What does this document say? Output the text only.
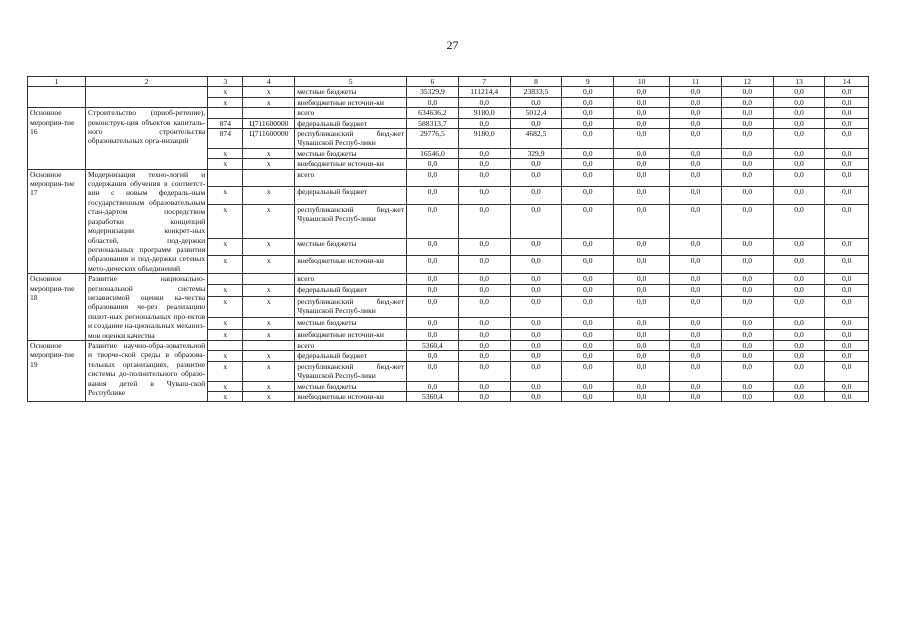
27
1	2	3	4	5	6	7	8	9	10	11	12	13	14
		х	х	местные бюджеты	35329,9	111214,4	23833,5	0,0	0,0	0,0	0,0	0,0	0,0
		х	х	внебюджетные источни-ки	0,0	0,0	0,0	0,0	0,0	0,0	0,0	0,0	0,0
Основное мероприя-тие 16	Строительство (приоб-ретение), реконструк-ция объектов капиталь-ного строительства образовательных орга-низаций			всего	634636,2	9180,0	5012,4	0,0	0,0	0,0	0,0	0,0	0,0
		874	Ц711600000	федеральный бюджет	588313,7	0,0	0,0	0,0	0,0	0,0	0,0	0,0	0,0
		874	Ц711600000	республиканский бюд-жет Чувашской Респуб-лики	29776,5	9180,0	4682,5	0,0	0,0	0,0	0,0	0,0	0,0
		х	х	местные бюджеты	16546,0	0,0	329,9	0,0	0,0	0,0	0,0	0,0	0,0
		х	х	внебюджетные источни-ки	0,0	0,0	0,0	0,0	0,0	0,0	0,0	0,0	0,0
Основное мероприя-тие 17	Модернизация техно-логий и содержания обучения в соответст-вии с новым федераль-ным государственным образовательным стан-дартом посредством разработки концепций модернизации конкрет-ных областей, под-держки региональных программ развития образования и под-держки сетевых мето-дических объединений			всего	0,0	0,0	0,0	0,0	0,0	0,0	0,0	0,0	0,0
		х	х	федеральный бюджет	0,0	0,0	0,0	0,0	0,0	0,0	0,0	0,0	0,0
		х	х	республиканский бюд-жет Чувашской Респуб-лики	0,0	0,0	0,0	0,0	0,0	0,0	0,0	0,0	0,0
		х	х	местные бюджеты	0,0	0,0	0,0	0,0	0,0	0,0	0,0	0,0	0,0
		х	х	внебюджетные источни-ки	0,0	0,0	0,0	0,0	0,0	0,0	0,0	0,0	0,0
Основное мероприя-тие 18	Развитие национально-региональной системы независимой оценки ка-чества образования че-рез реализацию пилот-ных региональных про-ектов и создание на-циональных механиз-мов оценки качества			всего	0,0	0,0	0,0	0,0	0,0	0,0	0,0	0,0	0,0
		х	х	федеральный бюджет	0,0	0,0	0,0	0,0	0,0	0,0	0,0	0,0	0,0
		х	х	республиканский бюд-жет Чувашской Респуб-лики	0,0	0,0	0,0	0,0	0,0	0,0	0,0	0,0	0,0
		х	х	местные бюджеты	0,0	0,0	0,0	0,0	0,0	0,0	0,0	0,0	0,0
		х	х	внебюджетные источни-ки	0,0	0,0	0,0	0,0	0,0	0,0	0,0	0,0	0,0
Основное мероприя-тие 19	Развитие научно-обра-зовательной и творче-ской среды в образова-тельных организациях, развитие системы до-полнительного образо-вания детей в Чуваш-ской Республике			всего	5360,4	0,0	0,0	0,0	0,0	0,0	0,0	0,0	0,0
		х	х	федеральный бюджет	0,0	0,0	0,0	0,0	0,0	0,0	0,0	0,0	0,0
		х	х	республиканский бюд-жет Чувашской Респуб-лики	0,0	0,0	0,0	0,0	0,0	0,0	0,0	0,0	0,0
		х	х	местные бюджеты	0,0	0,0	0,0	0,0	0,0	0,0	0,0	0,0	0,0
		х	х	внебюджетные источни-ки	5360,4	0,0	0,0	0,0	0,0	0,0	0,0	0,0	0,0
